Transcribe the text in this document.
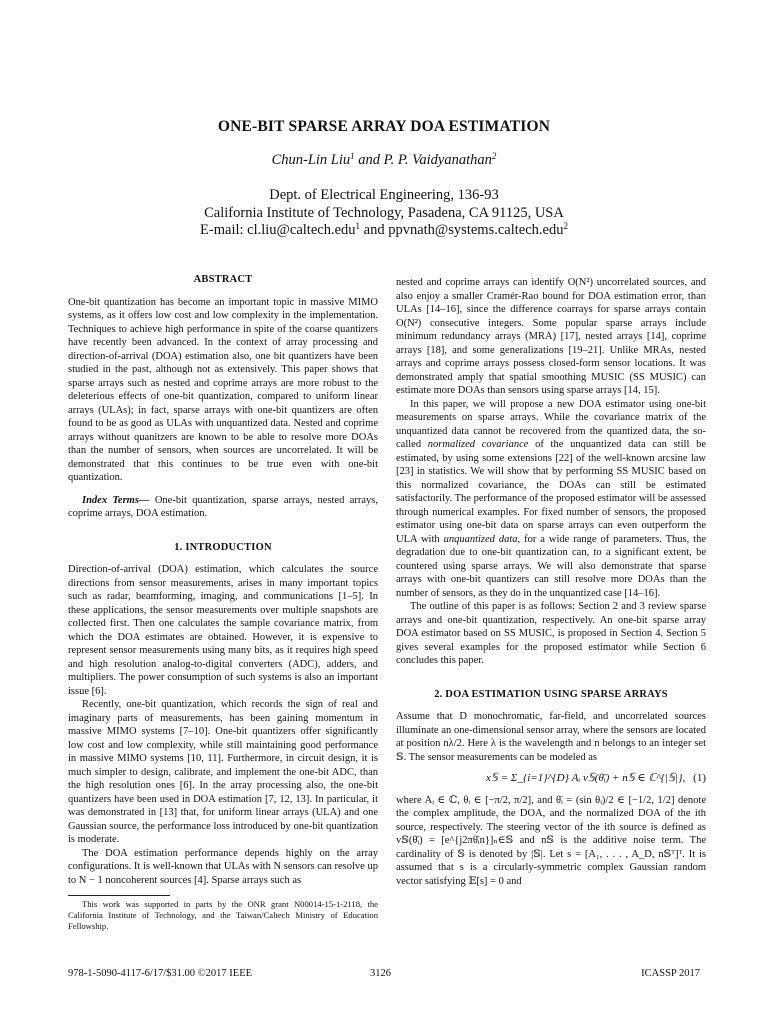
ONE-BIT SPARSE ARRAY DOA ESTIMATION
Chun-Lin Liu$^1$ and P. P. Vaidyanathan$^2$
Dept. of Electrical Engineering, 136-93
California Institute of Technology, Pasadena, CA 91125, USA
E-mail: cl.liu@caltech.edu$^1$ and ppvnath@systems.caltech.edu$^2$
ABSTRACT

One-bit quantization has become an important topic in massive MIMO systems, as it offers low cost and low complexity in the implementation. Techniques to achieve high performance in spite of the coarse quantizers have recently been advanced. In the context of array processing and direction-of-arrival (DOA) estimation also, one bit quantizers have been studied in the past, although not as extensively. This paper shows that sparse arrays such as nested and coprime arrays are more robust to the deleterious effects of one-bit quantization, compared to uniform linear arrays (ULAs); in fact, sparse arrays with one-bit quantizers are often found to be as good as ULAs with unquantized data. Nested and coprime arrays without quanitzers are known to be able to resolve more DOAs than the number of sensors, when sources are uncorrelated. It will be demonstrated that this continues to be true even with one-bit quantization.

Index Terms— One-bit quantization, sparse arrays, nested arrays, coprime arrays, DOA estimation.

1. INTRODUCTION

Direction-of-arrival (DOA) estimation, which calculates the source directions from sensor measurements, arises in many important topics such as radar, beamforming, imaging, and communications [1–5]. In these applications, the sensor measurements over multiple snapshots are collected first. Then one calculates the sample covariance matrix, from which the DOA estimates are obtained. However, it is expensive to represent sensor measurements using many bits, as it requires high speed and high resolution analog-to-digital converters (ADC), adders, and multipliers. The power consumption of such systems is also an important issue [6].

Recently, one-bit quantization, which records the sign of real and imaginary parts of measurements, has been gaining momentum in massive MIMO systems [7–10]. One-bit quantizers offer significantly low cost and low complexity, while still maintaining good performance in massive MIMO systems [10, 11]. Furthermore, in circuit design, it is much simpler to design, calibrate, and implement the one-bit ADC, than the high resolution ones [6]. In the array processing also, the one-bit quantizers have been used in DOA estimation [7, 12, 13]. In particular, it was demonstrated in [13] that, for uniform linear arrays (ULA) and one Gaussian source, the performance loss introduced by one-bit quantization is moderate.

The DOA estimation performance depends highly on the array configurations. It is well-known that ULAs with N sensors can resolve up to N − 1 noncoherent sources [4]. Sparse arrays such as

This work was supported in parts by the ONR grant N00014-15-1-2118, the California Institute of Technology, and the Taiwan/Caltech Ministry of Education Fellowship.

nested and coprime arrays can identify O(N²) uncorrelated sources, and also enjoy a smaller Cramér-Rao bound for DOA estimation error, than ULAs [14–16], since the difference coarrays for sparse arrays contain O(N²) consecutive integers. Some popular sparse arrays include minimum redundancy arrays (MRA) [17], nested arrays [14], coprime arrays [18], and some generalizations [19–21]. Unlike MRAs, nested arrays and coprime arrays possess closed-form sensor locations. It was demonstrated amply that spatial smoothing MUSIC (SS MUSIC) can estimate more DOAs than sensors using sparse arrays [14, 15].

In this paper, we will propose a new DOA estimator using one-bit measurements on sparse arrays. While the covariance matrix of the unquantized data cannot be recovered from the quantized data, the so-called normalized covariance of the unquantized data can still be estimated, by using some extensions [22] of the well-known arcsine law [23] in statistics. We will show that by performing SS MUSIC based on this normalized covariance, the DOAs can still be estimated satisfactorily. The performance of the proposed estimator will be assessed through numerical examples. For fixed number of sensors, the proposed estimator using one-bit data on sparse arrays can even outperform the ULA with unquantized data, for a wide range of parameters. Thus, the degradation due to one-bit quantization can, to a significant extent, be countered using sparse arrays. We will also demonstrate that sparse arrays with one-bit quantizers can still resolve more DOAs than the number of sensors, as they do in the unquantized case [14–16].

The outline of this paper is as follows: Section 2 and 3 review sparse arrays and one-bit quantization, respectively. An one-bit sparse array DOA estimator based on SS MUSIC, is proposed in Section 4. Section 5 gives several examples for the proposed estimator while Section 6 concludes this paper.

2. DOA ESTIMATION USING SPARSE ARRAYS

Assume that D monochromatic, far-field, and uncorrelated sources illuminate an one-dimensional sensor array, where the sensors are located at position nλ/2. Here λ is the wavelength and n belongs to an integer set 𝕊. The sensor measurements can be modeled as

x𝕊 = Σ_{i=1}^{D} Aᵢ v𝕊(θ̄ᵢ) + n𝕊 ∈ ℂ^{|𝕊|}, (1)

where Aᵢ ∈ ℂ, θᵢ ∈ [−π/2, π/2], and θ̄ᵢ = (sin θᵢ)/2 ∈ [−1/2, 1/2] denote the complex amplitude, the DOA, and the normalized DOA of the ith source, respectively. The steering vector of the ith source is defined as v𝕊(θ̄ᵢ) = [e^{j2πθ̄ᵢn}]ₙ∈𝕊 and n𝕊 is the additive noise term. The cardinality of 𝕊 is denoted by |𝕊|. Let s = [A₁, . . . , A_D, n𝕊ᵀ]ᵀ. It is assumed that s is a circularly-symmetric complex Gaussian random vector satisfying 𝔼[s] = 0 and

978-1-5090-4117-6/17/$31.00 ©2017 IEEE	3126	ICASSP 2017
